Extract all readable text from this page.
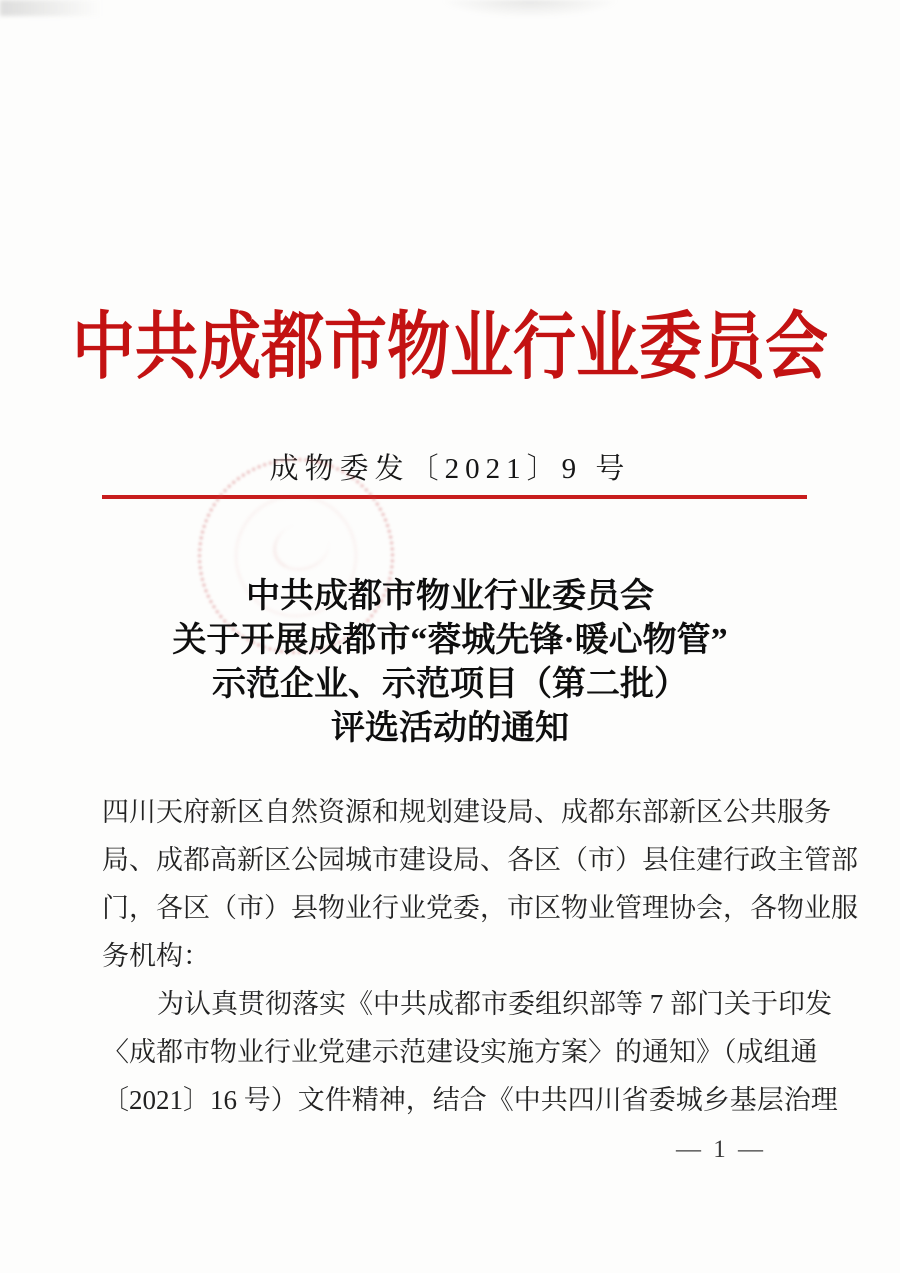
中共成都市物业行业委员会
成物委发〔2021〕9 号
中共成都市物业行业委员会
关于开展成都市“蓉城先锋·暖心物管”
示范企业、示范项目（第二批）
评选活动的通知
四川天府新区自然资源和规划建设局、成都东部新区公共服务
局、成都高新区公园城市建设局、各区（市）县住建行政主管部
门，各区（市）县物业行业党委，市区物业管理协会，各物业服
务机构：
为认真贯彻落实《中共成都市委组织部等 7 部门关于印发
〈成都市物业行业党建示范建设实施方案〉的通知》（成组通
〔2021〕16 号）文件精神，结合《中共四川省委城乡基层治理
— 1 —
